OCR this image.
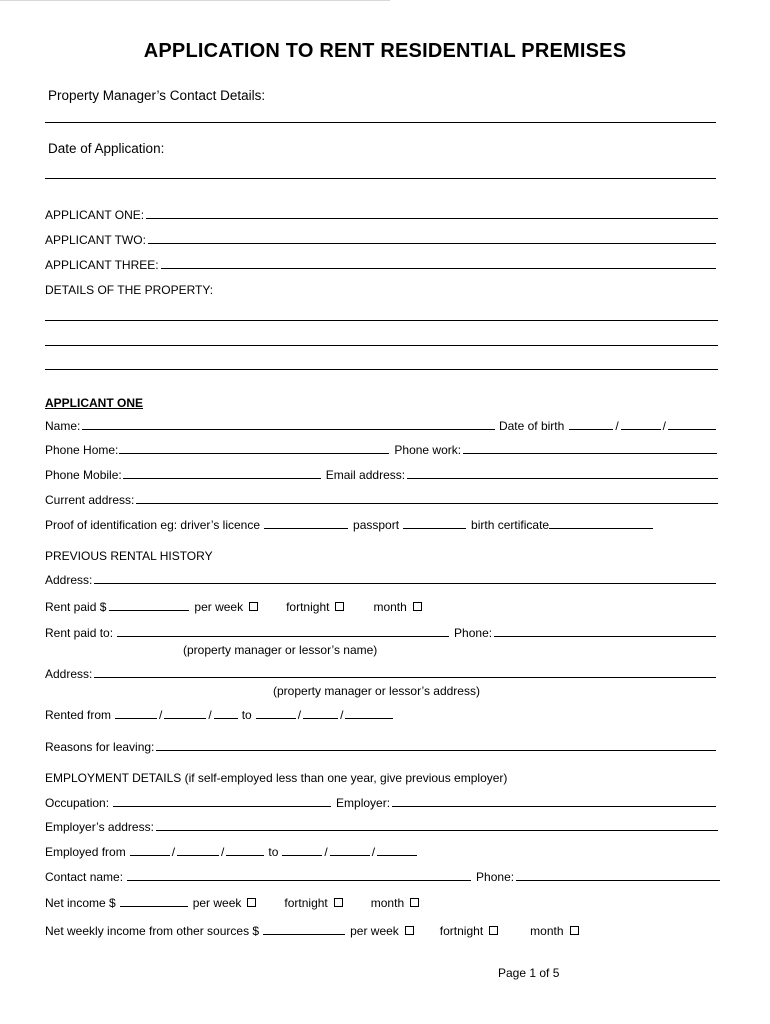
APPLICATION TO RENT RESIDENTIAL PREMISES
Property Manager’s Contact Details:
Date of Application:
APPLICANT ONE:
APPLICANT TWO:
APPLICANT THREE:
DETAILS OF THE PROPERTY:
APPLICANT ONE
Name:	Date of birth	/	/
Phone Home:	Phone work:
Phone Mobile:	Email address:
Current address:
Proof of identification eg: driver’s licence	passport	birth certificate
PREVIOUS RENTAL HISTORY
Address:
Rent paid $	per week	fortnight	month
Rent paid to:	Phone:
(property manager or lessor’s name)
Address:
(property manager or lessor’s address)
Rented from	/	/	to	/	/
Reasons for leaving:
EMPLOYMENT DETAILS (if self-employed less than one year, give previous employer)
Occupation:	Employer:
Employer’s address:
Employed from	/	/	to	/	/
Contact name:	Phone:
Net income $	per week	fortnight	month
Net weekly income from other sources $	per week	fortnight	month
Page 1 of 5
